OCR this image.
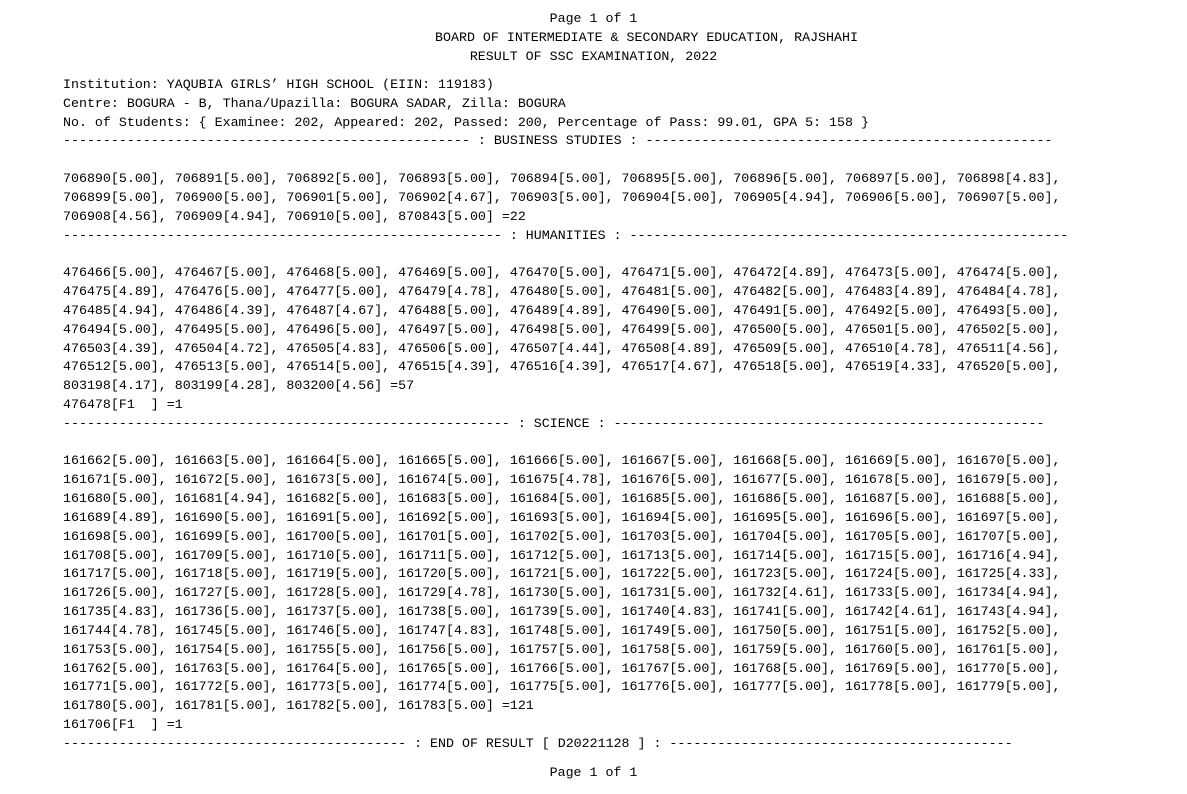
Page 1 of 1
BOARD OF INTERMEDIATE & SECONDARY EDUCATION, RAJSHAHI
RESULT OF SSC EXAMINATION, 2022
Institution: YAQUBIA GIRLS’ HIGH SCHOOL (EIIN: 119183)
Centre: BOGURA - B, Thana/Upazilla: BOGURA SADAR, Zilla: BOGURA
No. of Students: { Examinee: 202, Appeared: 202, Passed: 200, Percentage of Pass: 99.01, GPA 5: 158 }
--------------------------------------------------- : BUSINESS STUDIES : ---------------------------------------------------
706890[5.00], 706891[5.00], 706892[5.00], 706893[5.00], 706894[5.00], 706895[5.00], 706896[5.00], 706897[5.00], 706898[4.83],
706899[5.00], 706900[5.00], 706901[5.00], 706902[4.67], 706903[5.00], 706904[5.00], 706905[4.94], 706906[5.00], 706907[5.00],
706908[4.56], 706909[4.94], 706910[5.00], 870843[5.00] =22
------------------------------------------------------- : HUMANITIES : -------------------------------------------------------
476466[5.00], 476467[5.00], 476468[5.00], 476469[5.00], 476470[5.00], 476471[5.00], 476472[4.89], 476473[5.00], 476474[5.00],
476475[4.89], 476476[5.00], 476477[5.00], 476479[4.78], 476480[5.00], 476481[5.00], 476482[5.00], 476483[4.89], 476484[4.78],
476485[4.94], 476486[4.39], 476487[4.67], 476488[5.00], 476489[4.89], 476490[5.00], 476491[5.00], 476492[5.00], 476493[5.00],
476494[5.00], 476495[5.00], 476496[5.00], 476497[5.00], 476498[5.00], 476499[5.00], 476500[5.00], 476501[5.00], 476502[5.00],
476503[4.39], 476504[4.72], 476505[4.83], 476506[5.00], 476507[4.44], 476508[4.89], 476509[5.00], 476510[4.78], 476511[4.56],
476512[5.00], 476513[5.00], 476514[5.00], 476515[4.39], 476516[4.39], 476517[4.67], 476518[5.00], 476519[4.33], 476520[5.00],
803198[4.17], 803199[4.28], 803200[4.56] =57
476478[F1  ] =1
-------------------------------------------------------- : SCIENCE : ------------------------------------------------------
161662[5.00], 161663[5.00], 161664[5.00], 161665[5.00], 161666[5.00], 161667[5.00], 161668[5.00], 161669[5.00], 161670[5.00],
161671[5.00], 161672[5.00], 161673[5.00], 161674[5.00], 161675[4.78], 161676[5.00], 161677[5.00], 161678[5.00], 161679[5.00],
161680[5.00], 161681[4.94], 161682[5.00], 161683[5.00], 161684[5.00], 161685[5.00], 161686[5.00], 161687[5.00], 161688[5.00],
161689[4.89], 161690[5.00], 161691[5.00], 161692[5.00], 161693[5.00], 161694[5.00], 161695[5.00], 161696[5.00], 161697[5.00],
161698[5.00], 161699[5.00], 161700[5.00], 161701[5.00], 161702[5.00], 161703[5.00], 161704[5.00], 161705[5.00], 161707[5.00],
161708[5.00], 161709[5.00], 161710[5.00], 161711[5.00], 161712[5.00], 161713[5.00], 161714[5.00], 161715[5.00], 161716[4.94],
161717[5.00], 161718[5.00], 161719[5.00], 161720[5.00], 161721[5.00], 161722[5.00], 161723[5.00], 161724[5.00], 161725[4.33],
161726[5.00], 161727[5.00], 161728[5.00], 161729[4.78], 161730[5.00], 161731[5.00], 161732[4.61], 161733[5.00], 161734[4.94],
161735[4.83], 161736[5.00], 161737[5.00], 161738[5.00], 161739[5.00], 161740[4.83], 161741[5.00], 161742[4.61], 161743[4.94],
161744[4.78], 161745[5.00], 161746[5.00], 161747[4.83], 161748[5.00], 161749[5.00], 161750[5.00], 161751[5.00], 161752[5.00],
161753[5.00], 161754[5.00], 161755[5.00], 161756[5.00], 161757[5.00], 161758[5.00], 161759[5.00], 161760[5.00], 161761[5.00],
161762[5.00], 161763[5.00], 161764[5.00], 161765[5.00], 161766[5.00], 161767[5.00], 161768[5.00], 161769[5.00], 161770[5.00],
161771[5.00], 161772[5.00], 161773[5.00], 161774[5.00], 161775[5.00], 161776[5.00], 161777[5.00], 161778[5.00], 161779[5.00],
161780[5.00], 161781[5.00], 161782[5.00], 161783[5.00] =121
161706[F1  ] =1
------------------------------------------- : END OF RESULT [ D20221128 ] : -------------------------------------------
Page 1 of 1
